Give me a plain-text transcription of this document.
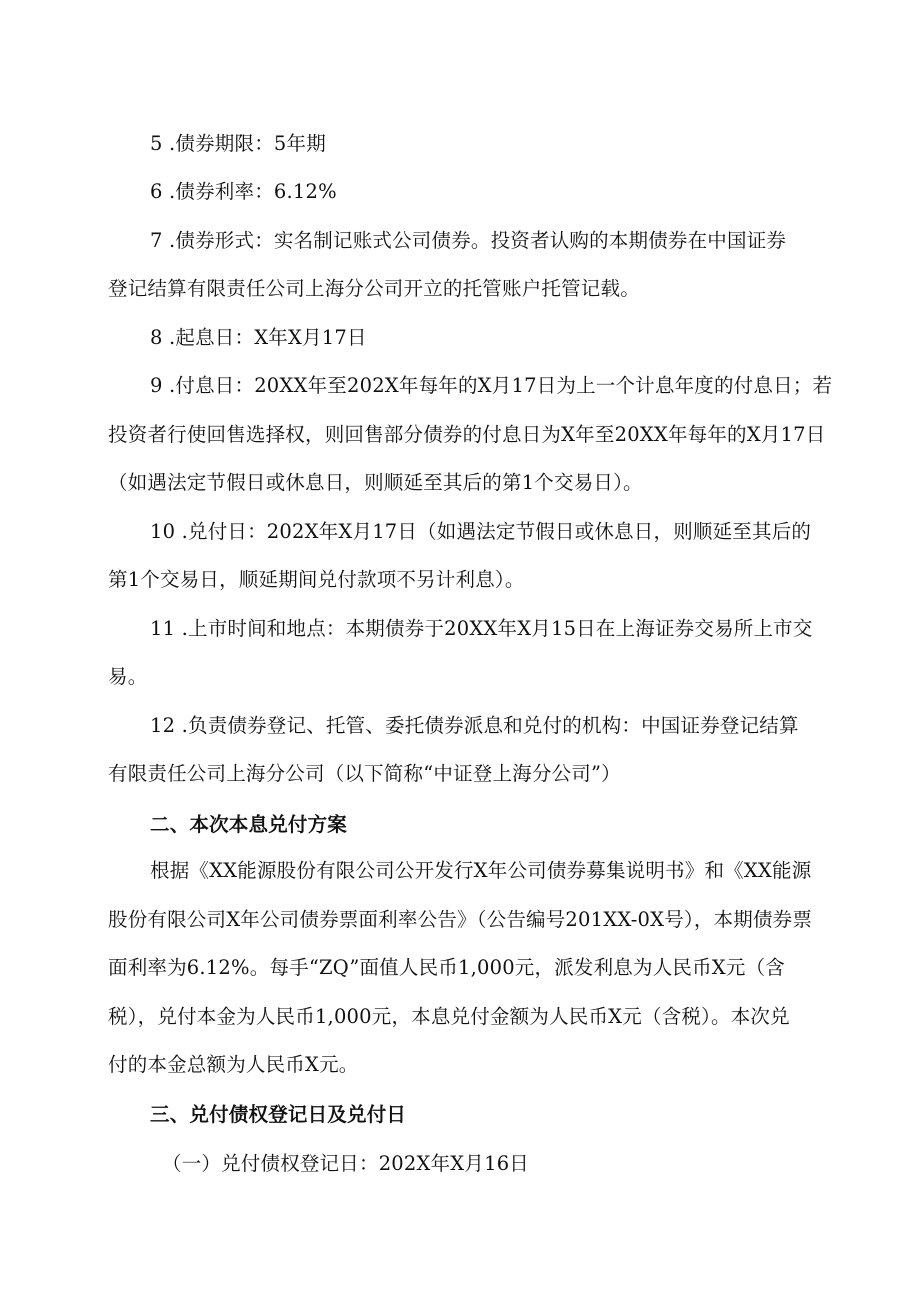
5 .债券期限：5年期
6 .债券利率：6.12%
7 .债券形式：实名制记账式公司债券。投资者认购的本期债券在中国证券
登记结算有限责任公司上海分公司开立的托管账户托管记载。
8 .起息日：X年X月17日
9 .付息日：20XX年至202X年每年的X月17日为上一个计息年度的付息日；若
投资者行使回售选择权，则回售部分债券的付息日为X年至20XX年每年的X月17日
（如遇法定节假日或休息日，则顺延至其后的第1个交易日）。
10 .兑付日：202X年X月17日（如遇法定节假日或休息日，则顺延至其后的
第1个交易日，顺延期间兑付款项不另计利息）。
11 .上市时间和地点：本期债券于20XX年X月15日在上海证券交易所上市交
易。
12 .负责债券登记、托管、委托债券派息和兑付的机构：中国证券登记结算
有限责任公司上海分公司（以下简称“中证登上海分公司”）
二、本次本息兑付方案
根据《XX能源股份有限公司公开发行X年公司债券募集说明书》和《XX能源
股份有限公司X年公司债券票面利率公告》（公告编号201XX-0X号），本期债券票
面利率为6.12%。每手“ZQ”面值人民币1,000元，派发利息为人民币X元（含
税），兑付本金为人民币1,000元，本息兑付金额为人民币X元（含税）。本次兑
付的本金总额为人民币X元。
三、兑付债权登记日及兑付日
（一）兑付债权登记日：202X年X月16日
